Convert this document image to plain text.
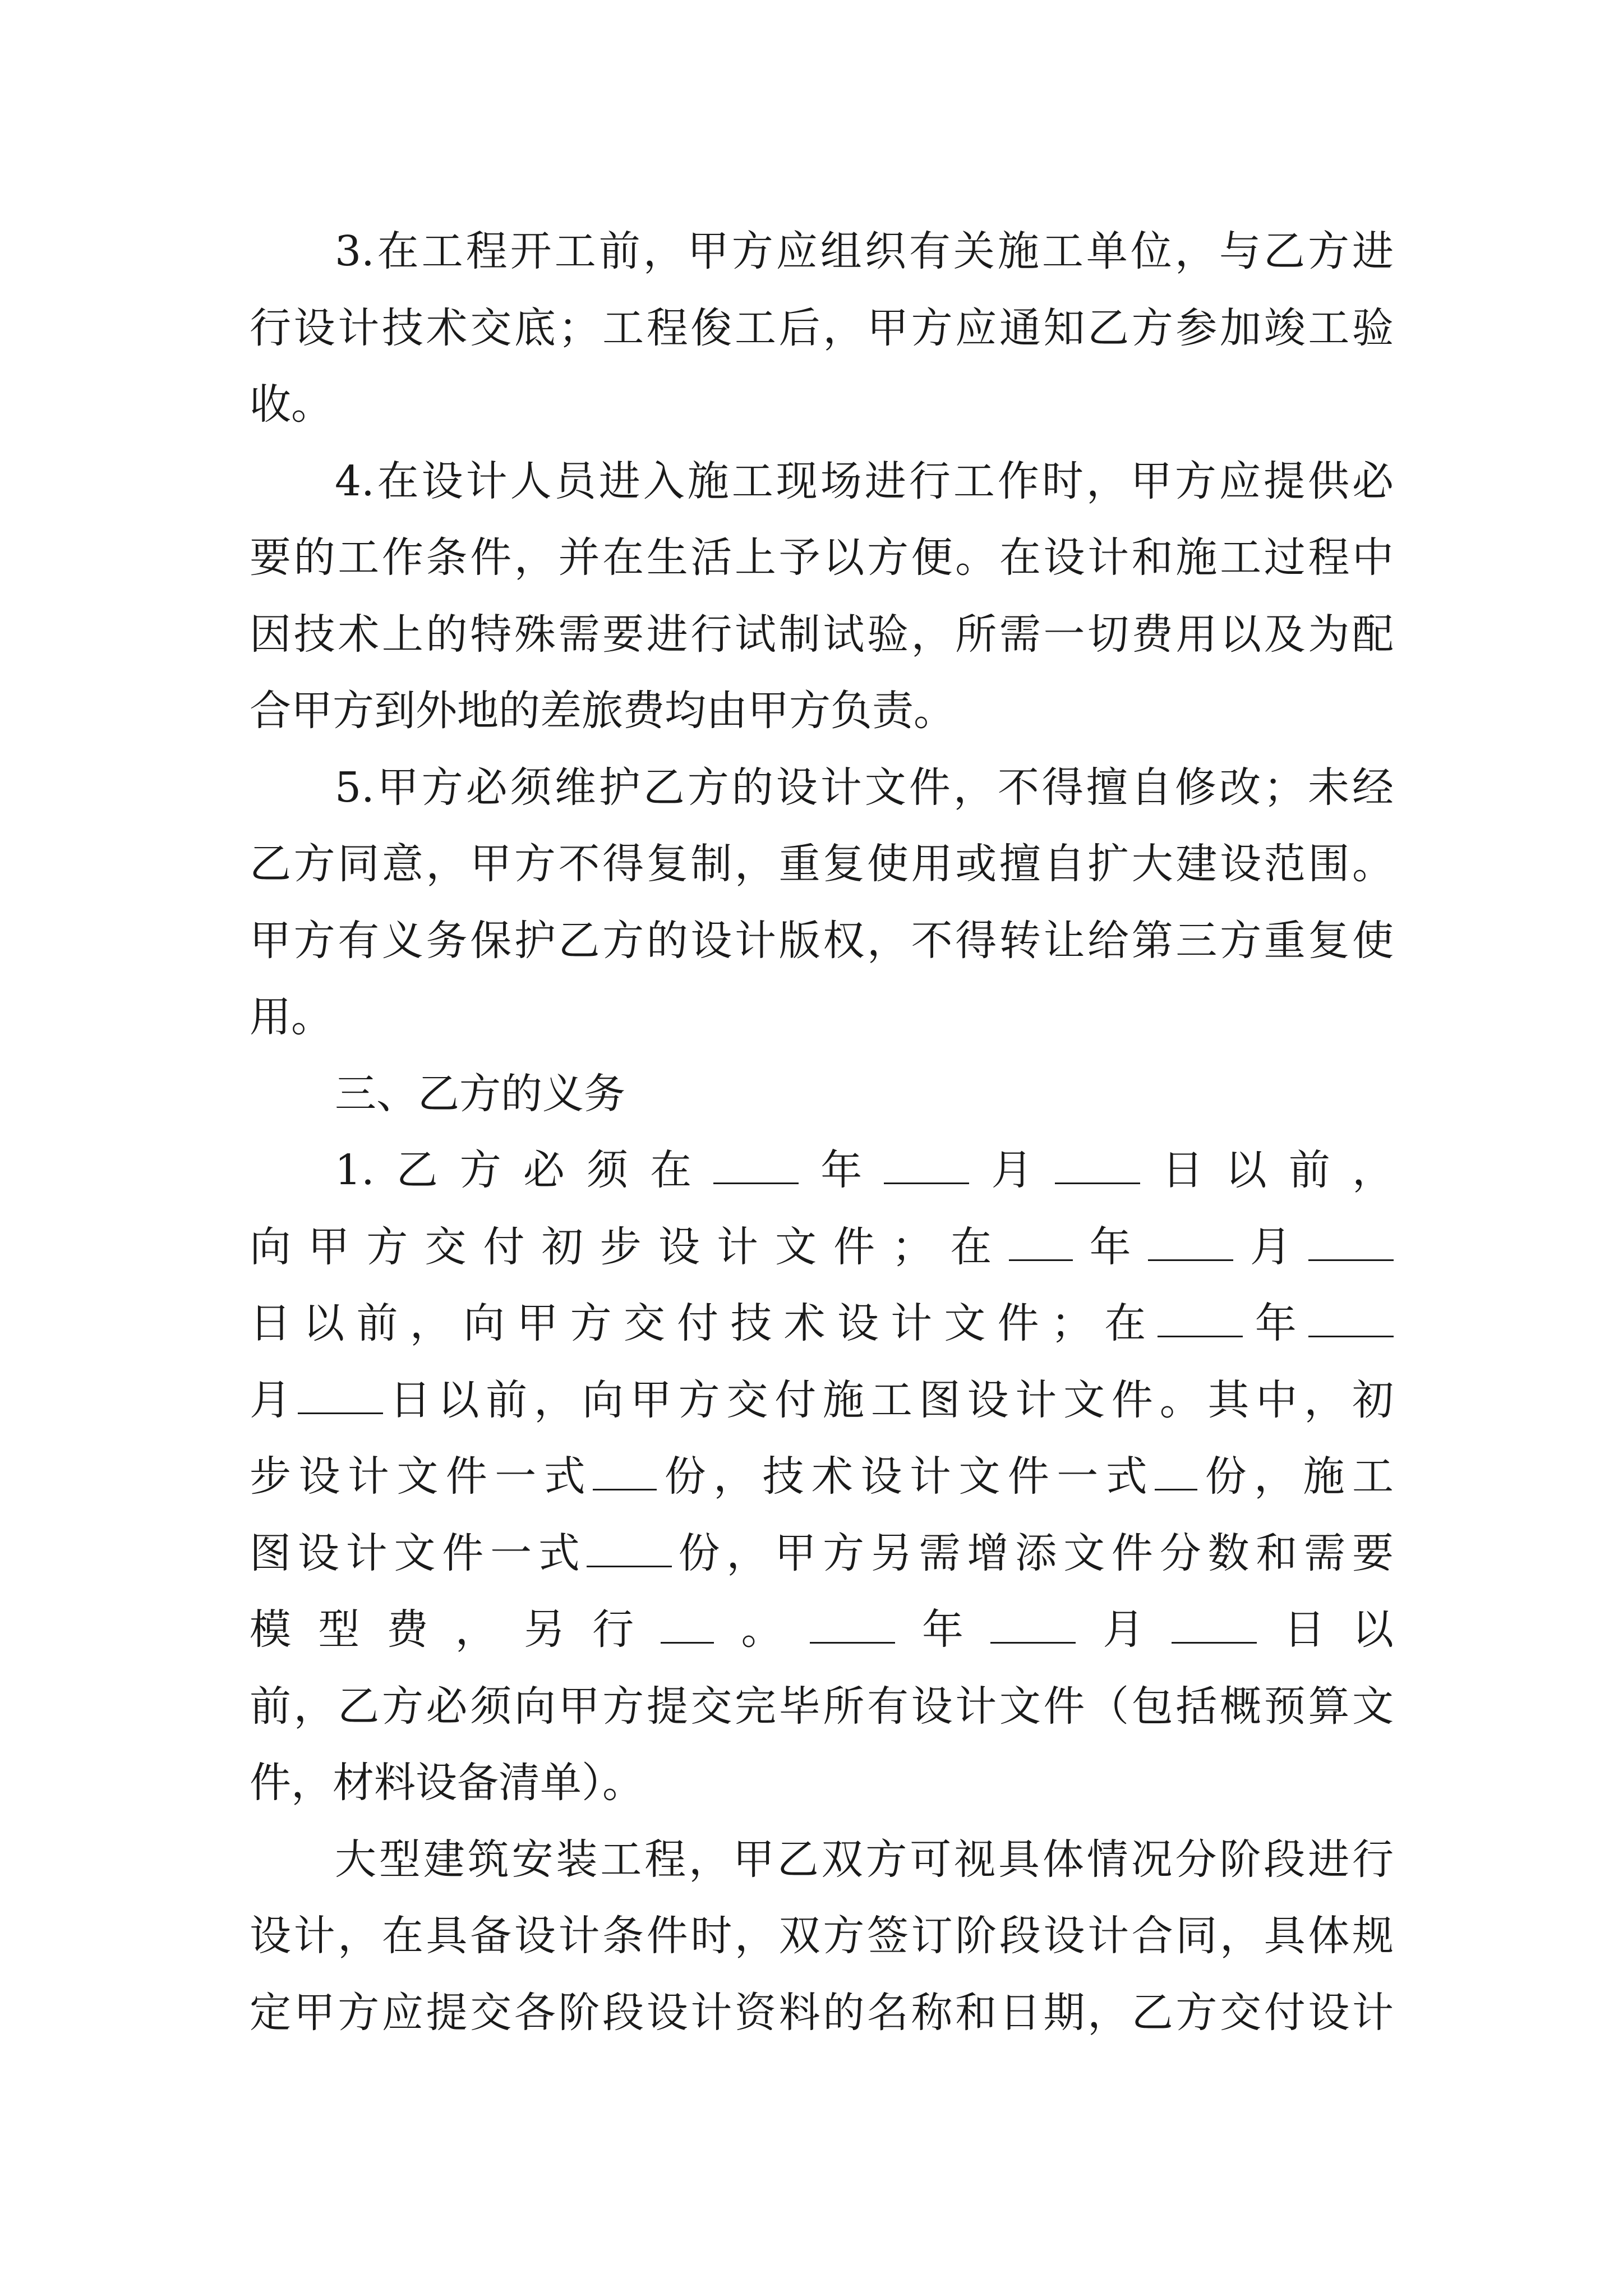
3.在工程开工前，甲方应组织有关施工单位，与乙方进
行设计技术交底；工程俊工后，甲方应通知乙方参加竣工验
收。
4.在设计人员进入施工现场进行工作时，甲方应提供必
要的工作条件，并在生活上予以方便。在设计和施工过程中
因技术上的特殊需要进行试制试验，所需一切费用以及为配
合甲方到外地的差旅费均由甲方负责。
5.甲方必须维护乙方的设计文件，不得擅自修改；未经
乙方同意，甲方不得复制，重复使用或擅自扩大建设范围。
甲方有义务保护乙方的设计版权，不得转让给第三方重复使
用。
三、乙方的义务
1.乙方必须在 年 月 日以前，
向甲方交付初步设计文件；在 年 月
日以前，向甲方交付技术设计文件；在 年
月 日以前，向甲方交付施工图设计文件。其中，初
步设计文件一式 份，技术设计文件一式 份，施工
图设计文件一式 份，甲方另需增添文件分数和需要
模型费，另行 。 年 月 日以
前，乙方必须向甲方提交完毕所有设计文件（包括概预算文
件，材料设备清单）。
大型建筑安装工程，甲乙双方可视具体情况分阶段进行
设计，在具备设计条件时，双方签订阶段设计合同，具体规
定甲方应提交各阶段设计资料的名称和日期，乙方交付设计
